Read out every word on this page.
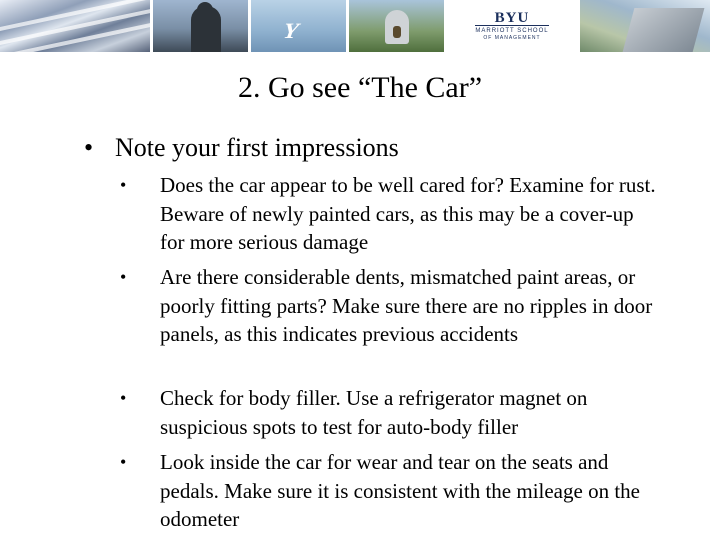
Y
BYU
MARRIOTT SCHOOL
OF MANAGEMENT
2. Go see “The Car”
• Note your first impressions
• Does the car appear to be well cared for? Examine for rust. Beware of newly painted cars, as this may be a cover-up for more serious damage
• Are there considerable dents, mismatched paint areas, or poorly fitting parts? Make sure there are no ripples in door panels, as this indicates previous accidents
• Check for body filler. Use a refrigerator magnet on suspicious spots to test for auto-body filler
• Look inside the car for wear and tear on the seats and pedals. Make sure it is consistent with the mileage on the odometer
